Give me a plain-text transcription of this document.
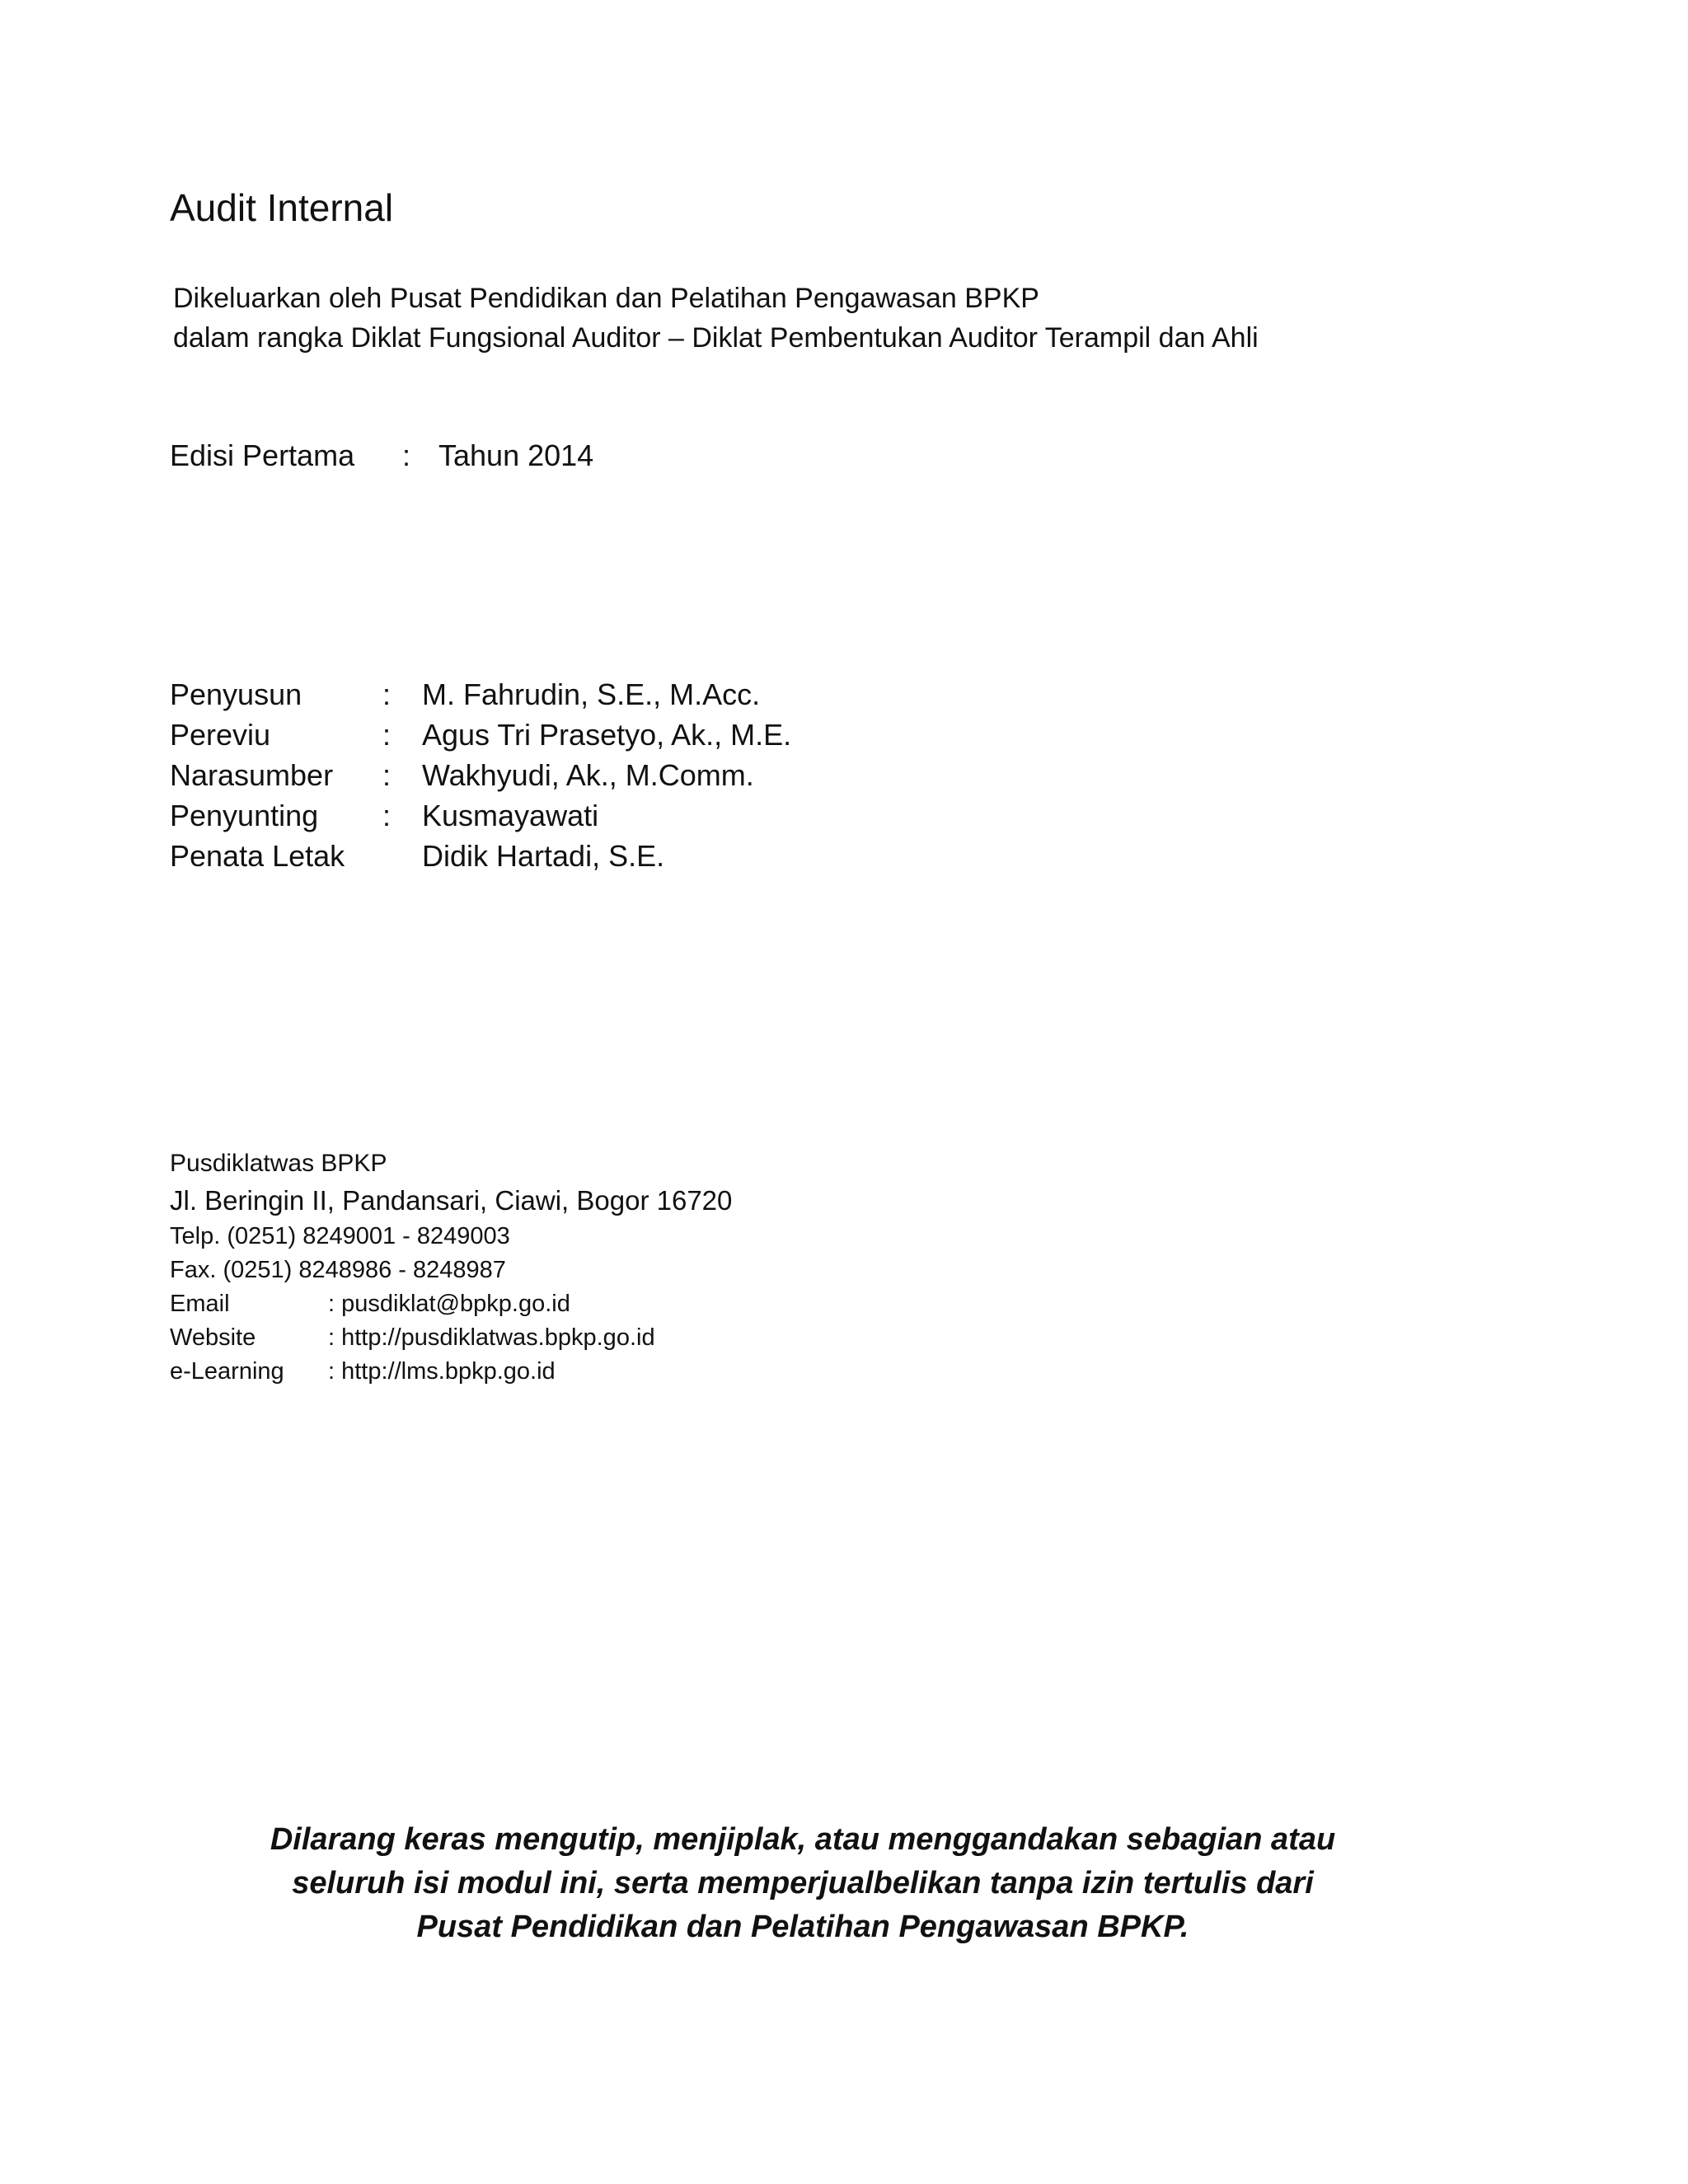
Audit Internal
Dikeluarkan oleh Pusat Pendidikan dan Pelatihan Pengawasan BPKP
dalam rangka Diklat Fungsional Auditor – Diklat Pembentukan Auditor Terampil dan Ahli
Edisi Pertama : Tahun 2014
Penyusun	: M. Fahrudin, S.E., M.Acc.
Pereviu	: Agus Tri Prasetyo, Ak., M.E.
Narasumber : Wakhyudi, Ak., M.Comm.
Penyunting : Kusmayawati
Penata Letak	Didik Hartadi, S.E.
Pusdiklatwas BPKP
Jl. Beringin II, Pandansari, Ciawi, Bogor 16720
Telp. (0251) 8249001 - 8249003
Fax. (0251) 8248986 - 8248987
Email	: pusdiklat@bpkp.go.id
Website	: http://pusdiklatwas.bpkp.go.id
e-Learning : http://lms.bpkp.go.id
Dilarang keras mengutip, menjiplak, atau menggandakan sebagian atau
seluruh isi modul ini, serta memperjualbelikan tanpa izin tertulis dari
Pusat Pendidikan dan Pelatihan Pengawasan BPKP.
